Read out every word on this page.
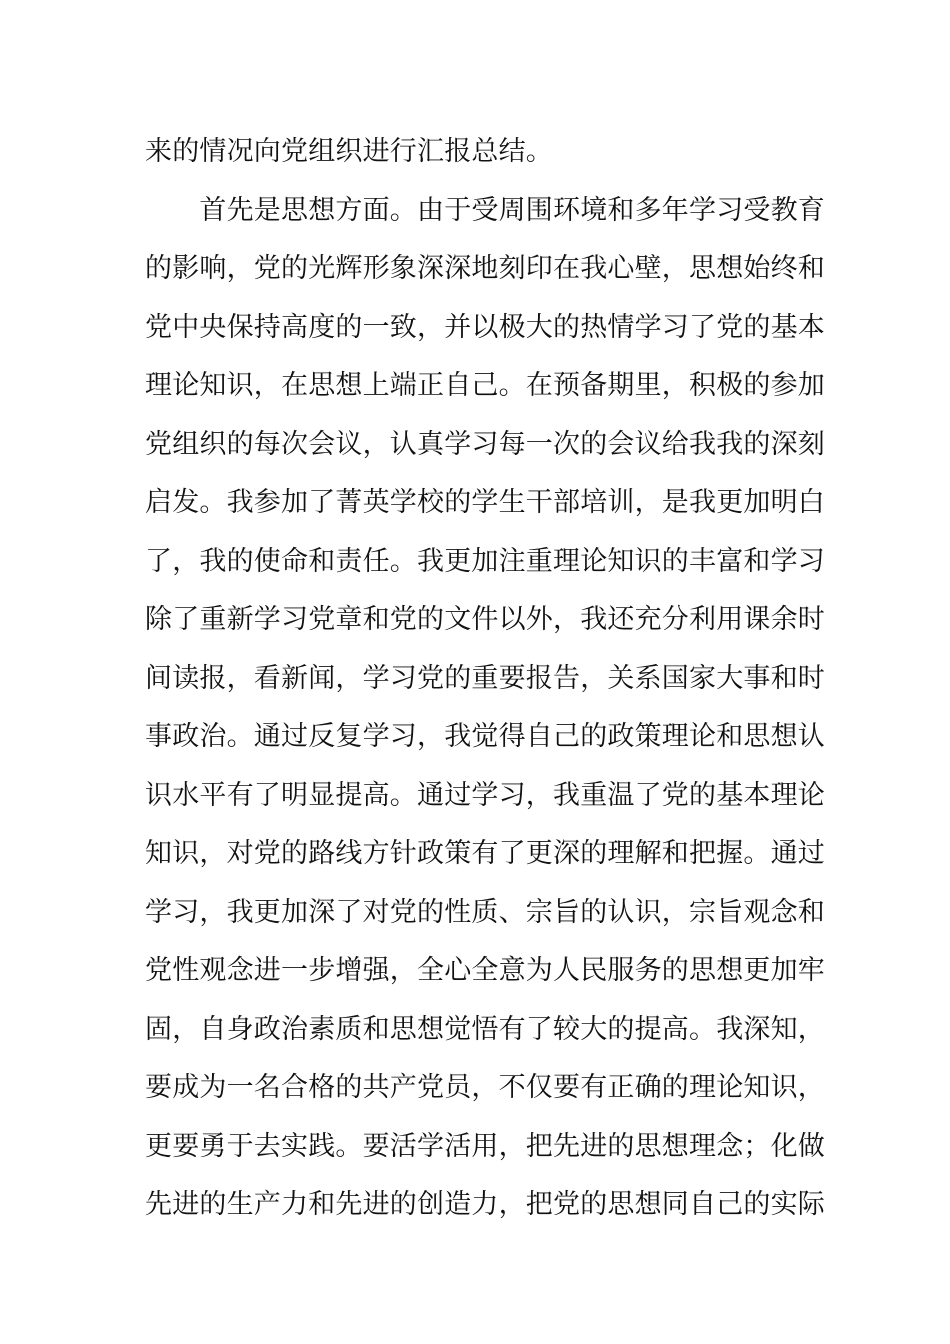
来的情况向党组织进行汇报总结。
　　首先是思想方面。由于受周围环境和多年学习受教育
的影响，党的光辉形象深深地刻印在我心壁，思想始终和
党中央保持高度的一致，并以极大的热情学习了党的基本
理论知识，在思想上端正自己。在预备期里，积极的参加
党组织的每次会议，认真学习每一次的会议给我我的深刻
启发。我参加了菁英学校的学生干部培训，是我更加明白
了，我的使命和责任。我更加注重理论知识的丰富和学习
除了重新学习党章和党的文件以外，我还充分利用课余时
间读报，看新闻，学习党的重要报告，关系国家大事和时
事政治。通过反复学习，我觉得自己的政策理论和思想认
识水平有了明显提高。通过学习，我重温了党的基本理论
知识，对党的路线方针政策有了更深的理解和把握。通过
学习，我更加深了对党的性质、宗旨的认识，宗旨观念和
党性观念进一步增强，全心全意为人民服务的思想更加牢
固，自身政治素质和思想觉悟有了较大的提高。我深知，
要成为一名合格的共产党员，不仅要有正确的理论知识，
更要勇于去实践。要活学活用，把先进的思想理念；化做
先进的生产力和先进的创造力，把党的思想同自己的实际
